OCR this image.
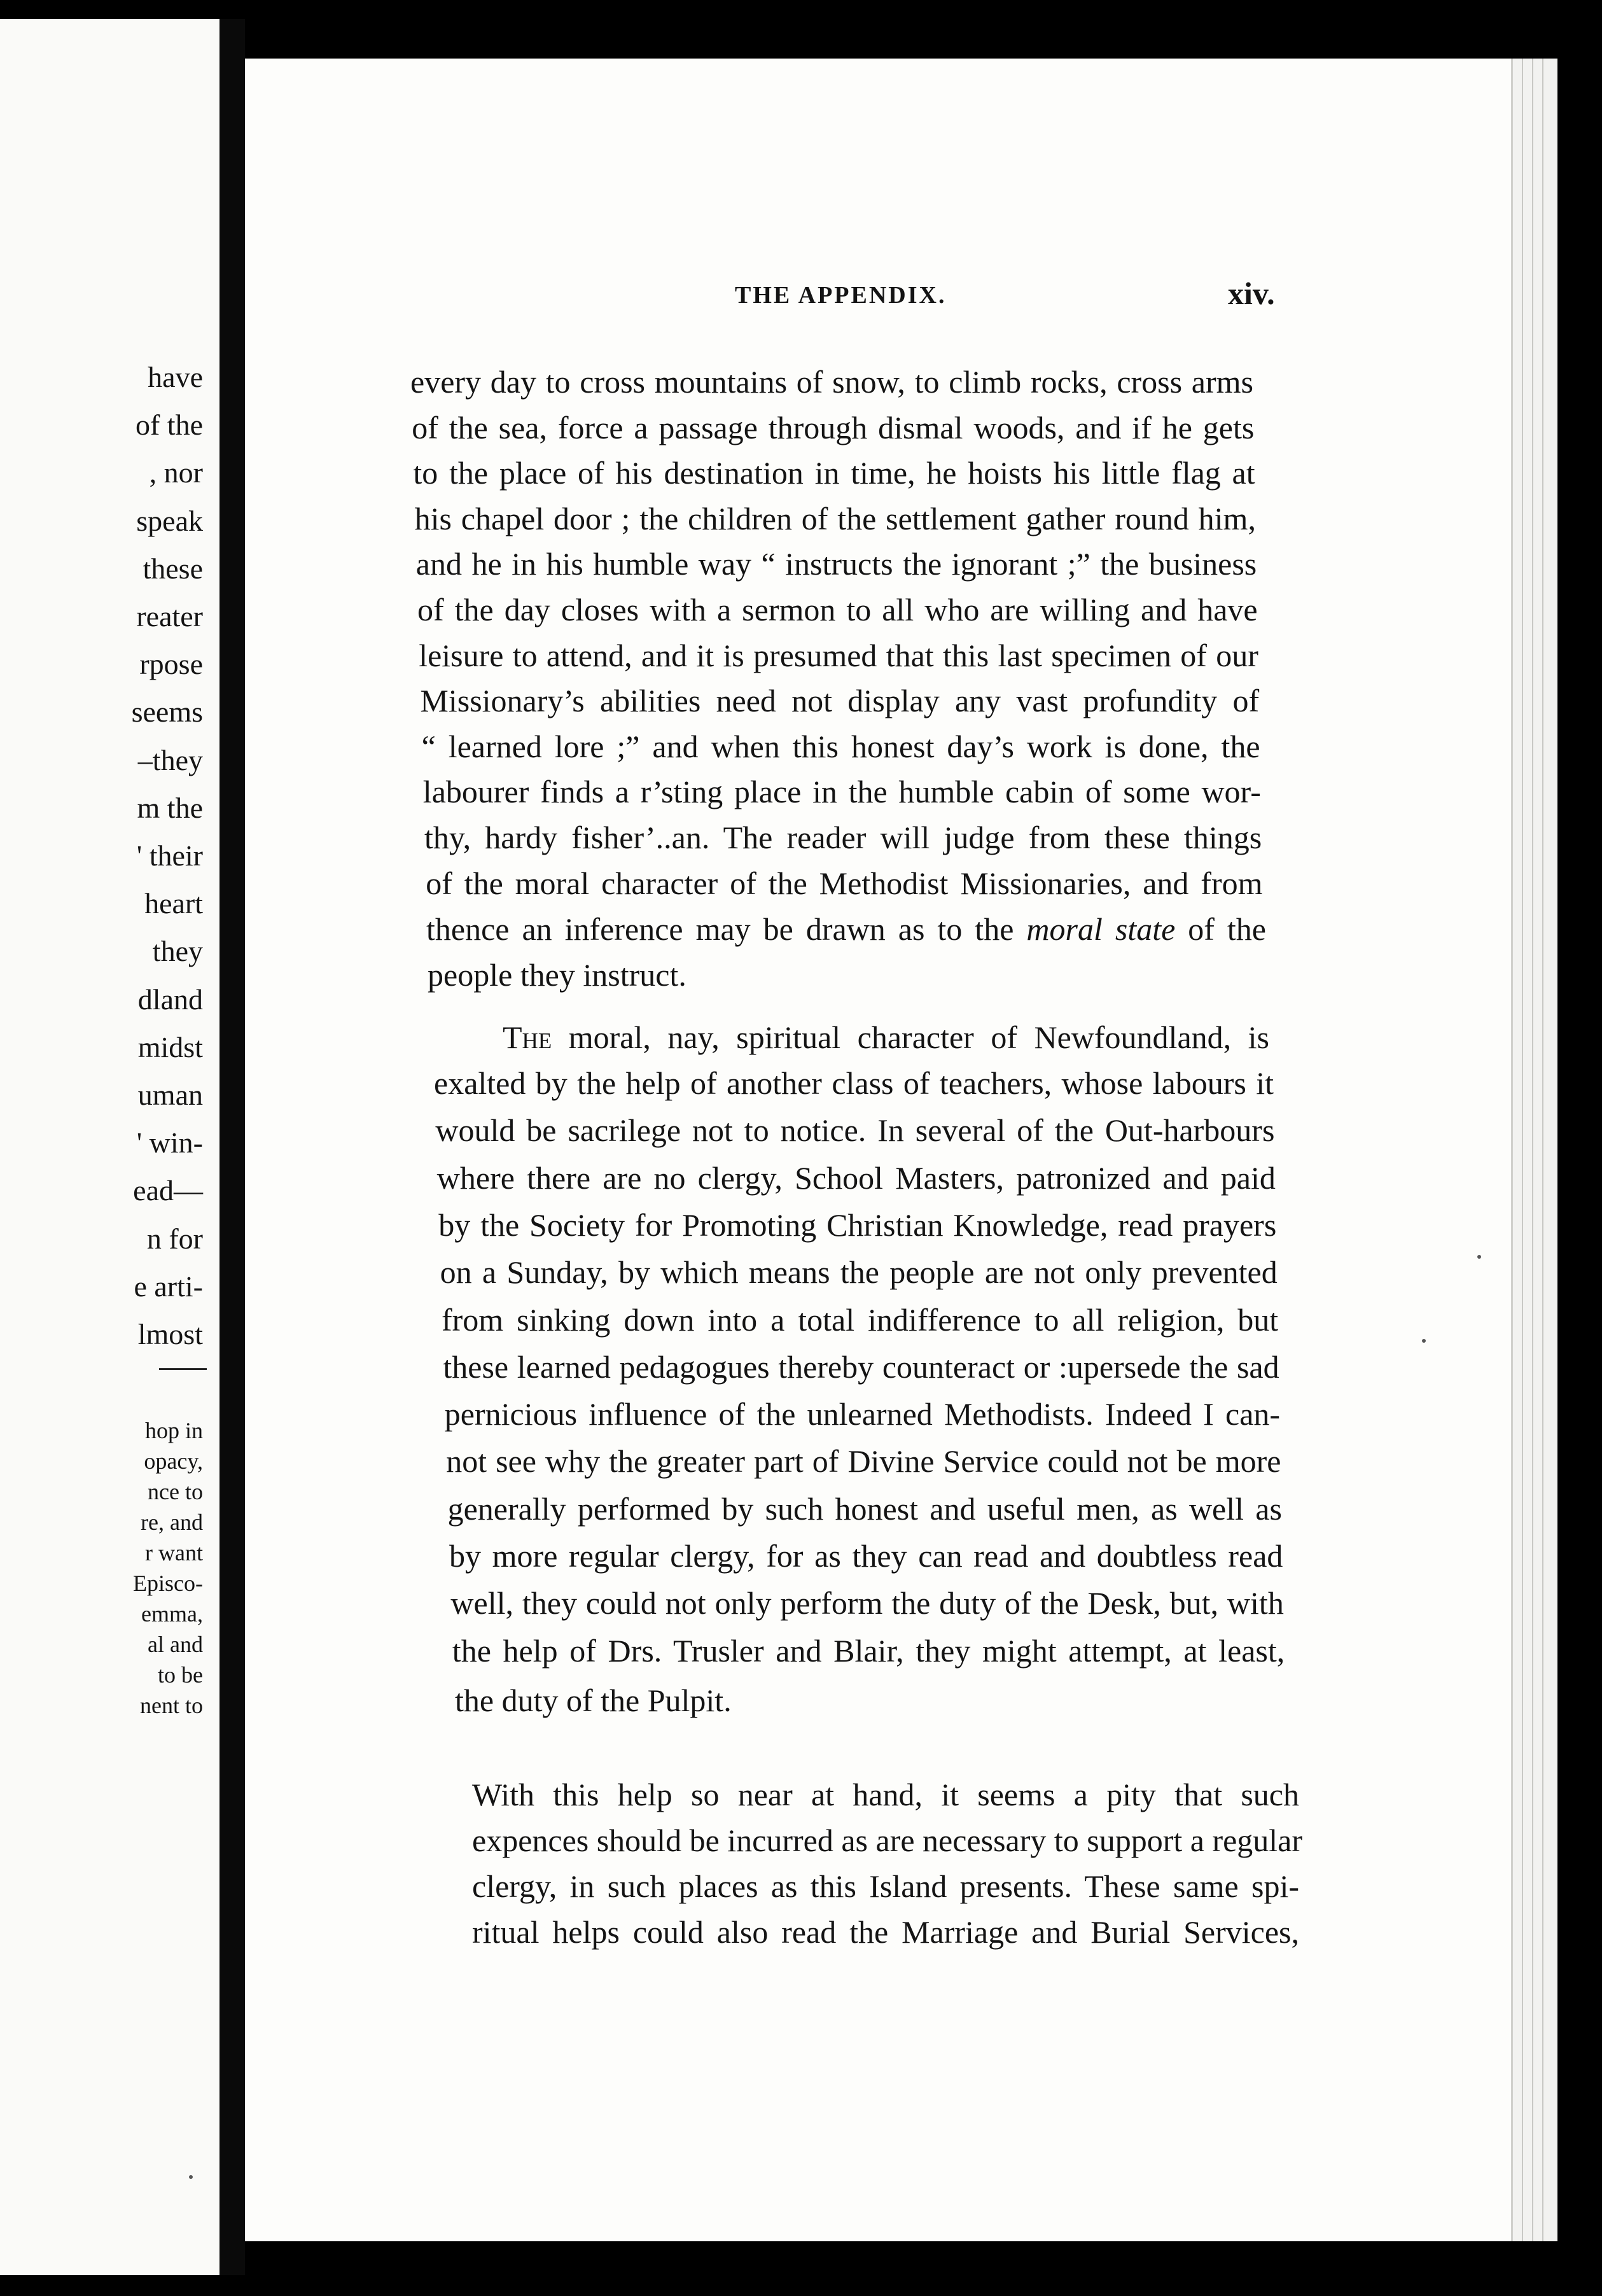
have
of the
, nor
speak
these
reater
rpose
seems
–they
m the
' their
heart
they
dland
midst
uman
' win-
ead—
n for
e arti-
lmost
hop in
opacy,
nce to
re, and
r want
Episco-
emma,
al and
to be
nent to
THE APPENDIX.	xiv.
every day to cross mountains of snow, to climb rocks, cross arms
of the sea, force a passage through dismal woods, and if he gets
to the place of his destination in time, he hoists his little flag at
his chapel door ; the children of the settlement gather round him,
and he in his humble way “ instructs the ignorant ;” the business
of the day closes with a sermon to all who are willing and have
leisure to attend, and it is presumed that this last specimen of our
Missionary’s abilities need not display any vast profundity of
“ learned lore ;” and when this honest day’s work is done, the
labourer finds a r’sting place in the humble cabin of some wor-
thy, hardy fisher’..an. The reader will judge from these things
of the moral character of the Methodist Missionaries, and from
thence an inference may be drawn as to the moral state of the
people they instruct.
The moral, nay, spiritual character of Newfoundland, is
exalted by the help of another class of teachers, whose labours it
would be sacrilege not to notice. In several of the Out-harbours
where there are no clergy, School Masters, patronized and paid
by the Society for Promoting Christian Knowledge, read prayers
on a Sunday, by which means the people are not only prevented
from sinking down into a total indifference to all religion, but
these learned pedagogues thereby counteract or :upersede the sad
pernicious influence of the unlearned Methodists. Indeed I can-
not see why the greater part of Divine Service could not be more
generally performed by such honest and useful men, as well as
by more regular clergy, for as they can read and doubtless read
well, they could not only perform the duty of the Desk, but, with
the help of Drs. Trusler and Blair, they might attempt, at least,
the duty of the Pulpit.
With this help so near at hand, it seems a pity that such
expences should be incurred as are necessary to support a regular
clergy, in such places as this Island presents. These same spi-
ritual helps could also read the Marriage and Burial Services,
